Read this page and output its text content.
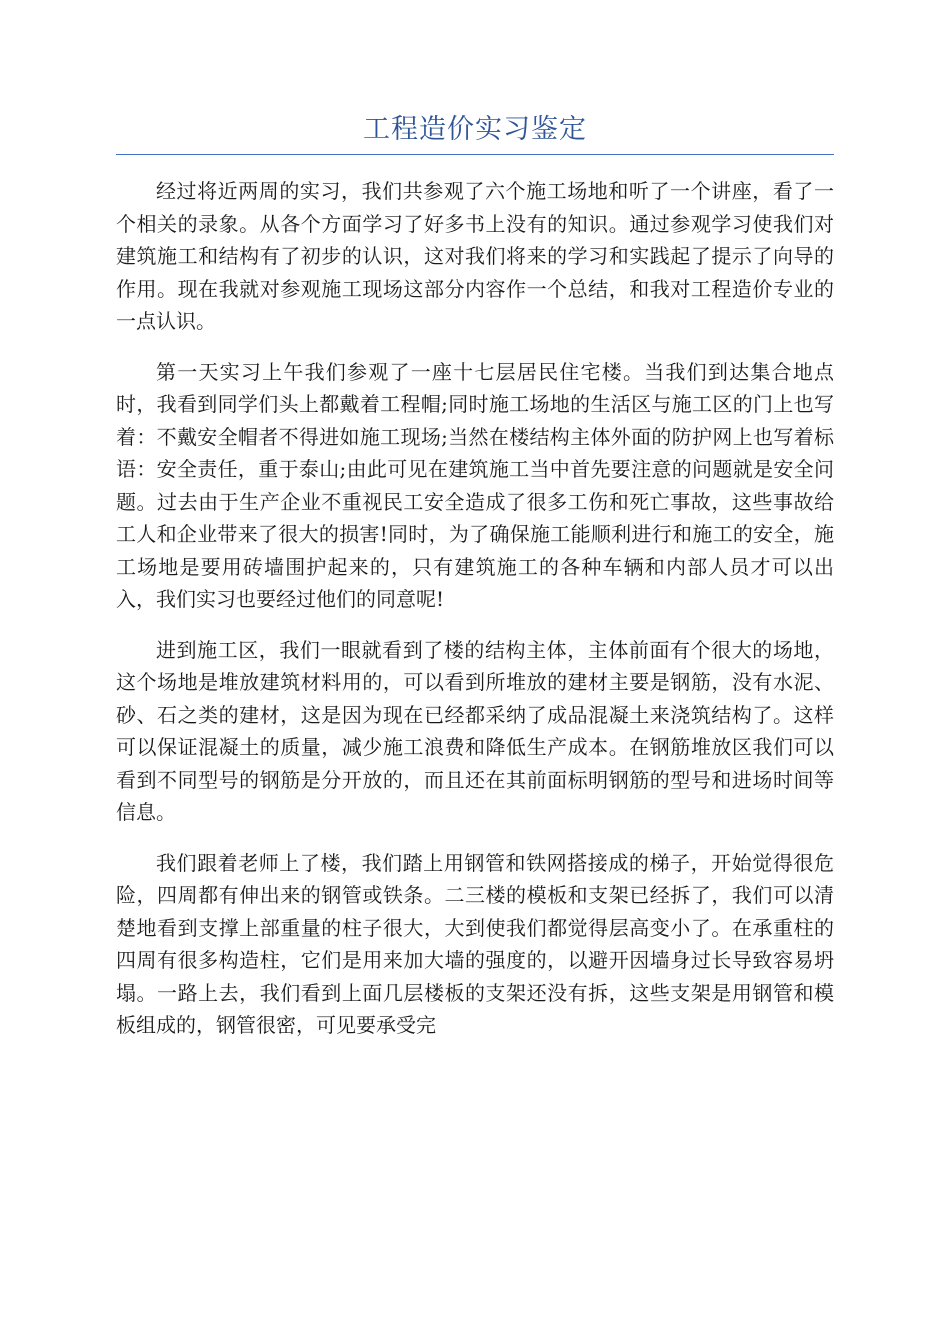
工程造价实习鉴定

经过将近两周的实习，我们共参观了六个施工场地和听了一个讲座，看了一个相关的录象。从各个方面学习了好多书上没有的知识。通过参观学习使我们对建筑施工和结构有了初步的认识，这对我们将来的学习和实践起了提示了向导的作用。现在我就对参观施工现场这部分内容作一个总结，和我对工程造价专业的一点认识。

第一天实习上午我们参观了一座十七层居民住宅楼。当我们到达集合地点时，我看到同学们头上都戴着工程帽;同时施工场地的生活区与施工区的门上也写着：不戴安全帽者不得进如施工现场;当然在楼结构主体外面的防护网上也写着标语：安全责任，重于泰山;由此可见在建筑施工当中首先要注意的问题就是安全问题。过去由于生产企业不重视民工安全造成了很多工伤和死亡事故，这些事故给工人和企业带来了很大的损害!同时，为了确保施工能顺利进行和施工的安全，施工场地是要用砖墙围护起来的，只有建筑施工的各种车辆和内部人员才可以出入，我们实习也要经过他们的同意呢!

进到施工区，我们一眼就看到了楼的结构主体，主体前面有个很大的场地，这个场地是堆放建筑材料用的，可以看到所堆放的建材主要是钢筋，没有水泥、砂、石之类的建材，这是因为现在已经都采纳了成品混凝土来浇筑结构了。这样可以保证混凝土的质量，减少施工浪费和降低生产成本。在钢筋堆放区我们可以看到不同型号的钢筋是分开放的，而且还在其前面标明钢筋的型号和进场时间等信息。

我们跟着老师上了楼，我们踏上用钢管和铁网搭接成的梯子，开始觉得很危险，四周都有伸出来的钢管或铁条。二三楼的模板和支架已经拆了，我们可以清楚地看到支撑上部重量的柱子很大，大到使我们都觉得层高变小了。在承重柱的四周有很多构造柱，它们是用来加大墙的强度的，以避开因墙身过长导致容易坍塌。一路上去，我们看到上面几层楼板的支架还没有拆，这些支架是用钢管和模板组成的，钢管很密，可见要承受完
